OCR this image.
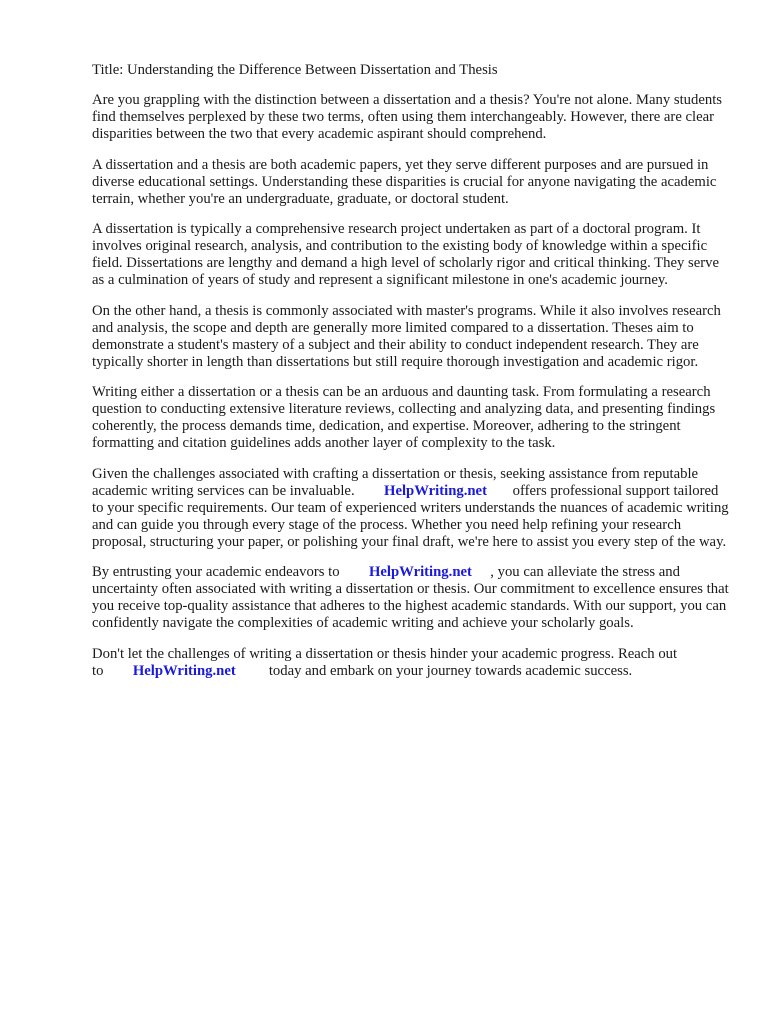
Title: Understanding the Difference Between Dissertation and Thesis

Are you grappling with the distinction between a dissertation and a thesis? You're not alone. Many students find themselves perplexed by these two terms, often using them interchangeably. However, there are clear disparities between the two that every academic aspirant should comprehend.

A dissertation and a thesis are both academic papers, yet they serve different purposes and are pursued in diverse educational settings. Understanding these disparities is crucial for anyone navigating the academic terrain, whether you're an undergraduate, graduate, or doctoral student.

A dissertation is typically a comprehensive research project undertaken as part of a doctoral program. It involves original research, analysis, and contribution to the existing body of knowledge within a specific field. Dissertations are lengthy and demand a high level of scholarly rigor and critical thinking. They serve as a culmination of years of study and represent a significant milestone in one's academic journey.

On the other hand, a thesis is commonly associated with master's programs. While it also involves research and analysis, the scope and depth are generally more limited compared to a dissertation. Theses aim to demonstrate a student's mastery of a subject and their ability to conduct independent research. They are typically shorter in length than dissertations but still require thorough investigation and academic rigor.

Writing either a dissertation or a thesis can be an arduous and daunting task. From formulating a research question to conducting extensive literature reviews, collecting and analyzing data, and presenting findings coherently, the process demands time, dedication, and expertise. Moreover, adhering to the stringent formatting and citation guidelines adds another layer of complexity to the task.

Given the challenges associated with crafting a dissertation or thesis, seeking assistance from reputable academic writing services can be invaluable. HelpWriting.net offers professional support tailored to your specific requirements. Our team of experienced writers understands the nuances of academic writing and can guide you through every stage of the process. Whether you need help refining your research proposal, structuring your paper, or polishing your final draft, we're here to assist you every step of the way.

By entrusting your academic endeavors to HelpWriting.net , you can alleviate the stress and uncertainty often associated with writing a dissertation or thesis. Our commitment to excellence ensures that you receive top-quality assistance that adheres to the highest academic standards. With our support, you can confidently navigate the complexities of academic writing and achieve your scholarly goals.

Don't let the challenges of writing a dissertation or thesis hinder your academic progress. Reach out to HelpWriting.net today and embark on your journey towards academic success.
